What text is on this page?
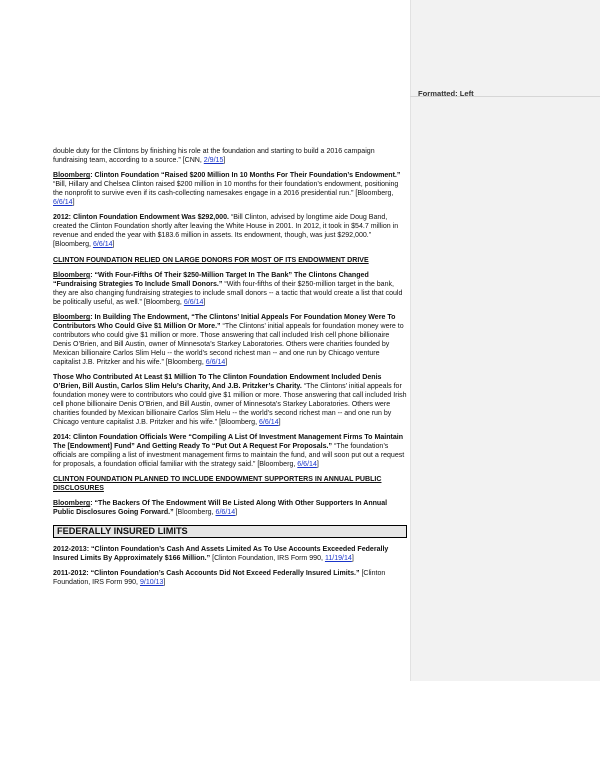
Formatted: Left

double duty for the Clintons by finishing his role at the foundation and starting to build a 2016 campaign fundraising team, according to a source.” [CNN, 2/9/15]

Bloomberg: Clinton Foundation “Raised $200 Million In 10 Months For Their Foundation’s Endowment.” “Bill, Hillary and Chelsea Clinton raised $200 million in 10 months for their foundation’s endowment, positioning the nonprofit to survive even if its cash-collecting namesakes engage in a 2016 presidential run.” [Bloomberg, 6/6/14]

2012: Clinton Foundation Endowment Was $292,000. “Bill Clinton, advised by longtime aide Doug Band, created the Clinton Foundation shortly after leaving the White House in 2001. In 2012, it took in $54.7 million in revenue and ended the year with $183.6 million in assets. Its endowment, though, was just $292,000.” [Bloomberg, 6/6/14]

CLINTON FOUNDATION RELIED ON LARGE DONORS FOR MOST OF ITS ENDOWMENT DRIVE

Bloomberg: “With Four-Fifths Of Their $250-Million Target In The Bank” The Clintons Changed “Fundraising Strategies To Include Small Donors.” “With four-fifths of their $250-million target in the bank, they are also changing fundraising strategies to include small donors -- a tactic that would create a list that could be politically useful, as well.” [Bloomberg, 6/6/14]

Bloomberg: In Building The Endowment, “The Clintons’ Initial Appeals For Foundation Money Were To Contributors Who Could Give $1 Million Or More.” “The Clintons’ initial appeals for foundation money were to contributors who could give $1 million or more. Those answering that call included Irish cell phone billionaire Denis O’Brien, and Bill Austin, owner of Minnesota’s Starkey Laboratories. Others were charities founded by Mexican billionaire Carlos Slim Helu -- the world’s second richest man -- and one run by Chicago venture capitalist J.B. Pritzker and his wife.” [Bloomberg, 6/6/14]

Those Who Contributed At Least $1 Million To The Clinton Foundation Endowment Included Denis O’Brien, Bill Austin, Carlos Slim Helu’s Charity, And J.B. Pritzker’s Charity. “The Clintons’ initial appeals for foundation money were to contributors who could give $1 million or more. Those answering that call included Irish cell phone billionaire Denis O’Brien, and Bill Austin, owner of Minnesota’s Starkey Laboratories. Others were charities founded by Mexican billionaire Carlos Slim Helu -- the world’s second richest man -- and one run by Chicago venture capitalist J.B. Pritzker and his wife.” [Bloomberg, 6/6/14]

2014: Clinton Foundation Officials Were “Compiling A List Of Investment Management Firms To Maintain The [Endowment] Fund” And Getting Ready To “Put Out A Request For Proposals.” “The foundation’s officials are compiling a list of investment management firms to maintain the fund, and will soon put out a request for proposals, a foundation official familiar with the strategy said.” [Bloomberg, 6/6/14]

CLINTON FOUNDATION PLANNED TO INCLUDE ENDOWMENT SUPPORTERS IN ANNUAL PUBLIC DISCLOSURES

Bloomberg: “The Backers Of The Endowment Will Be Listed Along With Other Supporters In Annual Public Disclosures Going Forward.” [Bloomberg, 6/6/14]

FEDERALLY INSURED LIMITS

2012-2013: “Clinton Foundation’s Cash And Assets Limited As To Use Accounts Exceeded Federally Insured Limits By Approximately $166 Million.” [Clinton Foundation, IRS Form 990, 11/19/14]

2011-2012: “Clinton Foundation’s Cash Accounts Did Not Exceed Federally Insured Limits.” [Clinton Foundation, IRS Form 990, 9/10/13]
